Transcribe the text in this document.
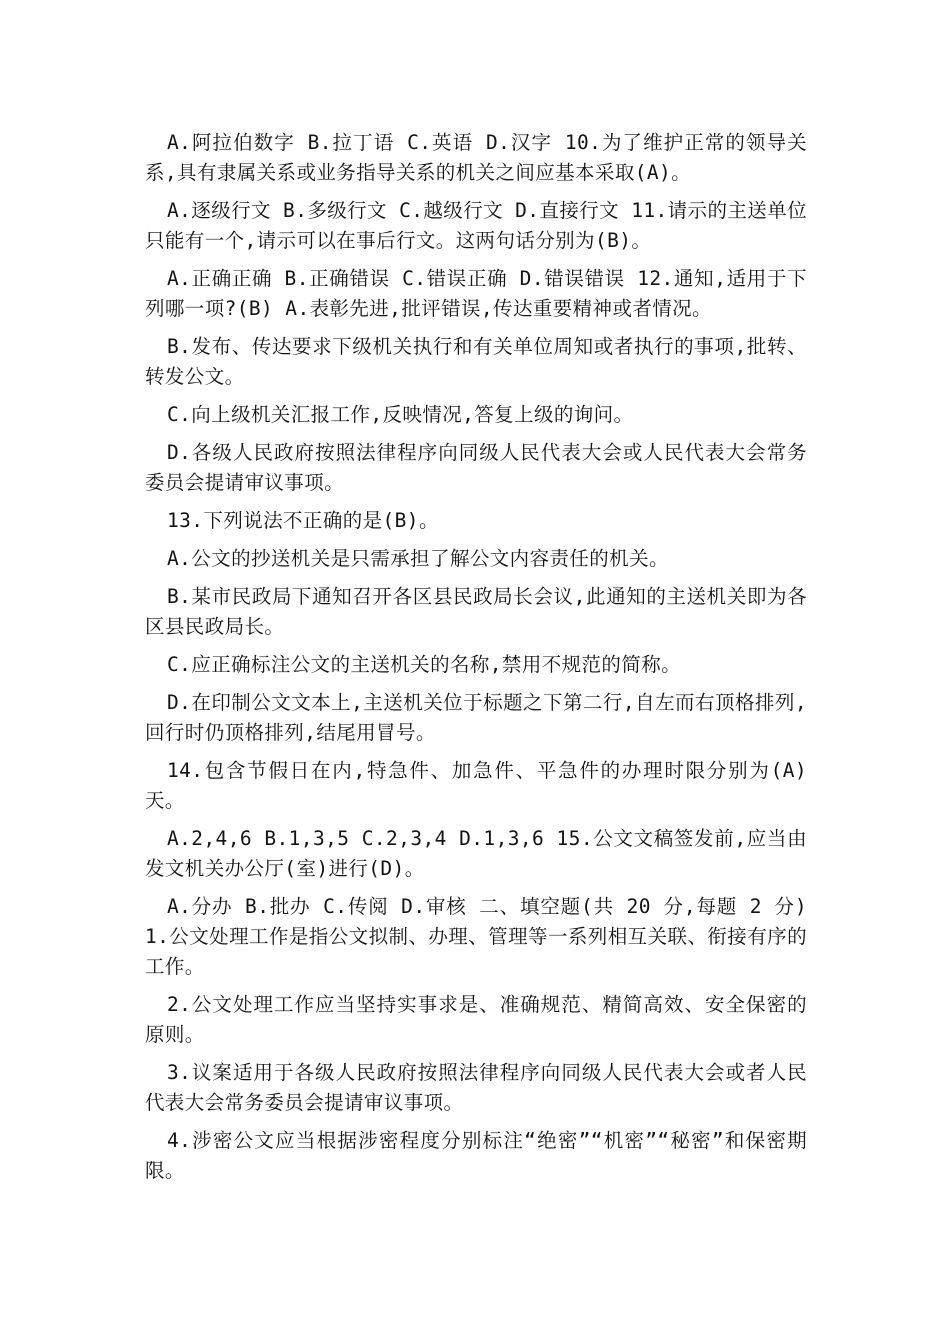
A.阿拉伯数字 B.拉丁语 C.英语 D.汉字 10.为了维护正常的领导关系,具有隶属关系或业务指导关系的机关之间应基本采取(A)。

A.逐级行文 B.多级行文 C.越级行文 D.直接行文 11.请示的主送单位只能有一个,请示可以在事后行文。这两句话分别为(B)。

A.正确正确 B.正确错误 C.错误正确 D.错误错误 12.通知,适用于下列哪一项?(B) A.表彰先进,批评错误,传达重要精神或者情况。

B.发布、传达要求下级机关执行和有关单位周知或者执行的事项,批转、转发公文。

C.向上级机关汇报工作,反映情况,答复上级的询问。

D.各级人民政府按照法律程序向同级人民代表大会或人民代表大会常务委员会提请审议事项。

13.下列说法不正确的是(B)。

A.公文的抄送机关是只需承担了解公文内容责任的机关。

B.某市民政局下通知召开各区县民政局长会议,此通知的主送机关即为各区县民政局长。

C.应正确标注公文的主送机关的名称,禁用不规范的简称。

D.在印制公文文本上,主送机关位于标题之下第二行,自左而右顶格排列,回行时仍顶格排列,结尾用冒号。

14.包含节假日在内,特急件、加急件、平急件的办理时限分别为(A)天。

A.2,4,6 B.1,3,5 C.2,3,4 D.1,3,6 15.公文文稿签发前,应当由发文机关办公厅(室)进行(D)。

A.分办 B.批办 C.传阅 D.审核 二、填空题(共 20 分,每题 2 分) 1.公文处理工作是指公文拟制、办理、管理等一系列相互关联、衔接有序的工作。

2.公文处理工作应当坚持实事求是、准确规范、精简高效、安全保密的原则。

3.议案适用于各级人民政府按照法律程序向同级人民代表大会或者人民代表大会常务委员会提请审议事项。

4.涉密公文应当根据涉密程度分别标注“绝密”“机密”“秘密”和保密期限。
